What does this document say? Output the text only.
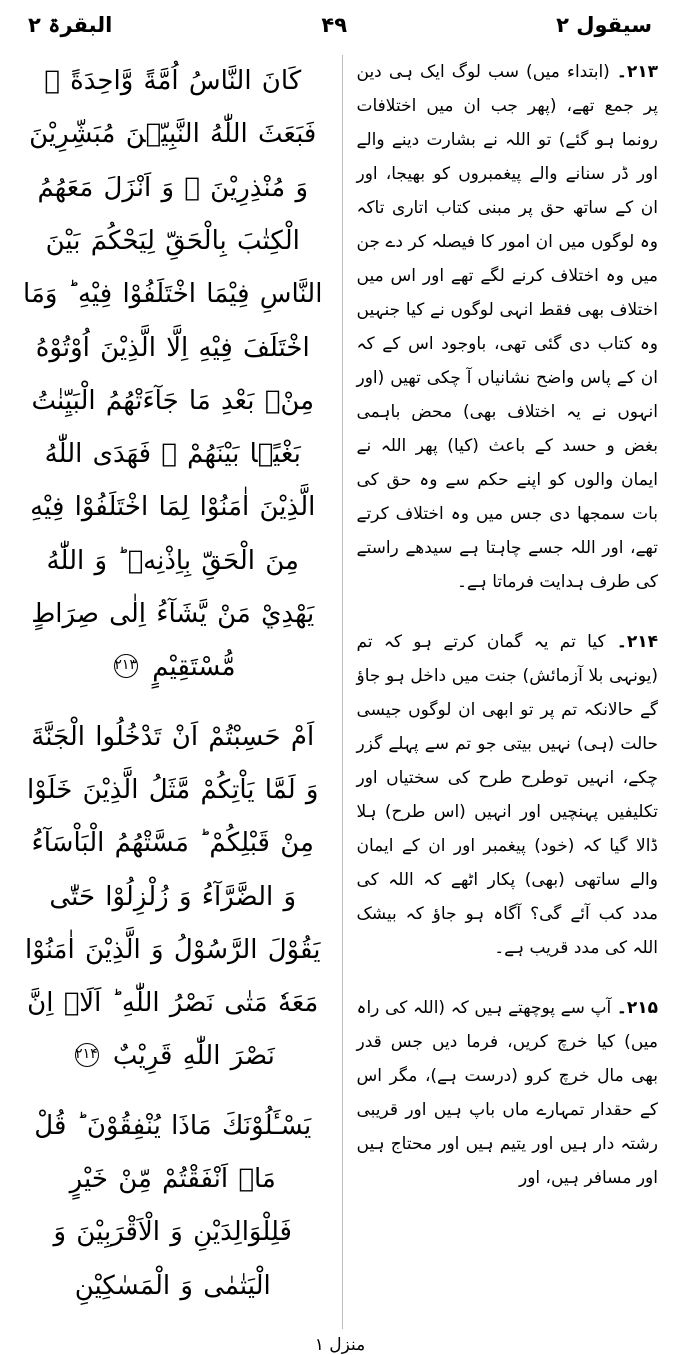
سیقول ۲
۴۹
البقرۃ ۲
۲۱۳۔ (ابتداء میں) سب لوگ ایک ہی دین پر جمع تھے، (پھر جب ان میں اختلافات رونما ہو گئے) تو اللہ نے بشارت دینے والے اور ڈر سنانے والے پیغمبروں کو بھیجا، اور ان کے ساتھ حق پر مبنی کتاب اتاری تاکہ وہ لوگوں میں ان امور کا فیصلہ کر دے جن میں وہ اختلاف کرنے لگے تھے اور اس میں اختلاف بھی فقط انہی لوگوں نے کیا جنہیں وہ کتاب دی گئی تھی، باوجود اس کے کہ ان کے پاس واضح نشانیاں آ چکی تھیں (اور انہوں نے یہ اختلاف بھی) محض باہمی بغض و حسد کے باعث (کیا) پھر اللہ نے ایمان والوں کو اپنے حکم سے وہ حق کی بات سمجھا دی جس میں وہ اختلاف کرتے تھے، اور اللہ جسے چاہتا ہے سیدھے راستے کی طرف ہدایت فرماتا ہے۔
۲۱۴۔ کیا تم یہ گمان کرتے ہو کہ تم (یونہی بلا آزمائش) جنت میں داخل ہو جاؤ گے حالانکہ تم پر تو ابھی ان لوگوں جیسی حالت (ہی) نہیں بیتی جو تم سے پہلے گزر چکے، انہیں توطرح طرح کی سختیاں اور تکلیفیں پہنچیں اور انہیں (اس طرح) ہلا ڈالا گیا کہ (خود) پیغمبر اور ان کے ایمان والے ساتھی (بھی) پکار اٹھے کہ اللہ کی مدد کب آئے گی؟ آگاہ ہو جاؤ کہ بیشک اللہ کی مدد قریب ہے۔
۲۱۵۔ آپ سے پوچھتے ہیں کہ (اللہ کی راہ میں) کیا خرچ کریں، فرما دیں جس قدر بھی مال خرچ کرو (درست ہے)، مگر اس کے حقدار تمہارے ماں باپ ہیں اور قریبی رشتہ دار ہیں اور یتیم ہیں اور محتاج ہیں اور مسافر ہیں، اور
كَانَ النَّاسُ اُمَّةً وَّاحِدَةً ۚ فَبَعَثَ اللّٰهُ النَّبِيّٖنَ مُبَشِّرِيْنَ وَ مُنْذِرِيْنَ ۪ وَ اَنْزَلَ مَعَهُمُ الْكِتٰبَ بِالْحَقِّ لِيَحْكُمَ بَيْنَ النَّاسِ فِيْمَا اخْتَلَفُوْا فِيْهِ ؕ وَمَا اخْتَلَفَ فِيْهِ اِلَّا الَّذِيْنَ اُوْتُوْهُ مِنْۢ بَعْدِ مَا جَآءَتْهُمُ الْبَيِّنٰتُ بَغْيًۢا بَيْنَهُمْ ۚ فَهَدَى اللّٰهُ الَّذِيْنَ اٰمَنُوْا لِمَا اخْتَلَفُوْا فِيْهِ مِنَ الْحَقِّ بِاِذْنِهٖ ؕ وَ اللّٰهُ يَهْدِيْ مَنْ يَّشَآءُ اِلٰى صِرَاطٍ مُّسْتَقِيْمٍ ۲۱۳
اَمْ حَسِبْتُمْ اَنْ تَدْخُلُوا الْجَنَّةَ وَ لَمَّا يَاْتِكُمْ مَّثَلُ الَّذِيْنَ خَلَوْا مِنْ قَبْلِكُمْ ؕ مَسَّتْهُمُ الْبَاْسَآءُ وَ الضَّرَّآءُ وَ زُلْزِلُوْا حَتّٰى يَقُوْلَ الرَّسُوْلُ وَ الَّذِيْنَ اٰمَنُوْا مَعَهٗ مَتٰى نَصْرُ اللّٰهِ ؕ اَلَاۤ اِنَّ نَصْرَ اللّٰهِ قَرِيْبٌ ۲۱۴
يَسْـَٔلُوْنَكَ مَاذَا يُنْفِقُوْنَ ؕ قُلْ مَاۤ اَنْفَقْتُمْ مِّنْ خَيْرٍ فَلِلْوَالِدَيْنِ وَ الْاَقْرَبِيْنَ وَ الْيَتٰمٰى وَ الْمَسٰكِيْنِ
منزل ۱
